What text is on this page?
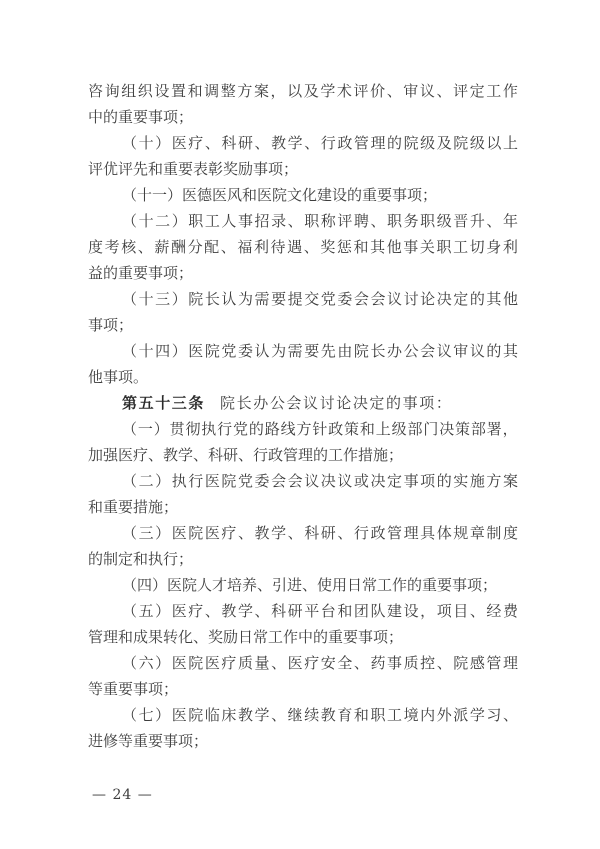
咨 询 组 织 设 置 和 调 整 方 案 ， 以 及 学 术 评 价 、 审 议 、 评 定 工 作
中的重要事项；
（ 十 ） 医 疗 、 科 研 、 教 学 、 行 政 管 理 的 院 级 及 院 级 以 上
评优评先和重要表彰奖励事项；
（十一）医德医风和医院文化建设的重要事项；
（ 十 二 ） 职 工 人 事 招 录 、 职 称 评 聘 、 职 务 职 级 晋 升 、 年
度 考 核 、 薪 酬 分 配 、 福 利 待 遇 、 奖 惩 和 其 他 事 关 职 工 切 身 利
益的重要事项；
（ 十 三 ） 院 长 认 为 需 要 提 交 党 委 会 会 议 讨 论 决 定 的 其 他
事项；
（ 十 四 ） 医 院 党 委 认 为 需 要 先 由 院 长 办 公 会 议 审 议 的 其
他事项。
第五十三条 院长办公会议讨论决定的事项：
（ 一 ） 贯 彻 执 行 党 的 路 线 方 针 政 策 和 上 级 部 门 决 策 部 署 ，
加强医疗、教学、科研、行政管理的工作措施；
（ 二 ） 执 行 医 院 党 委 会 会 议 决 议 或 决 定 事 项 的 实 施 方 案
和重要措施；
（ 三 ） 医 院 医 疗 、 教 学 、 科 研 、 行 政 管 理 具 体 规 章 制 度
的制定和执行；
（四）医院人才培养、引进、使用日常工作的重要事项；
（ 五 ） 医 疗 、 教 学 、 科 研 平 台 和 团 队 建 设 ， 项 目 、 经 费
管理和成果转化、奖励日常工作中的重要事项；
（ 六 ） 医 院 医 疗 质 量 、 医 疗 安 全 、 药 事 质 控 、 院 感 管 理
等重要事项；
（ 七 ） 医 院 临 床 教 学 、 继 续 教 育 和 职 工 境 内 外 派 学 习 、
进修等重要事项；
— 24 —
